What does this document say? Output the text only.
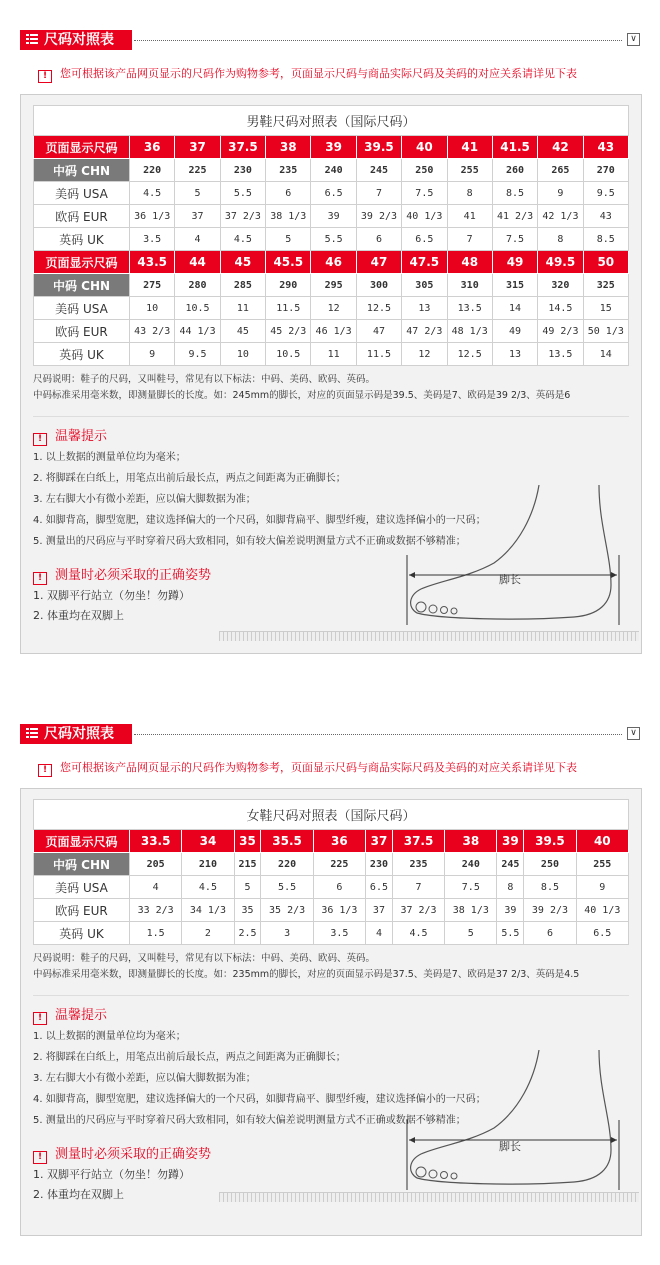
尺码对照表	∨
! 您可根据该产品网页显示的尺码作为购物参考，页面显示尺码与商品实际尺码及美码的对应关系请详见下表
男鞋尺码对照表（国际尺码）											
页面显示尺码	36	37	37.5	38	39	39.5	40	41	41.5	42	43
中码 CHN	220	225	230	235	240	245	250	255	260	265	270
美码 USA	4.5	5	5.5	6	6.5	7	7.5	8	8.5	9	9.5
欧码 EUR	36 1/3	37	37 2/3	38 1/3	39	39 2/3	40 1/3	41	41 2/3	42 1/3	43
英码 UK	3.5	4	4.5	5	5.5	6	6.5	7	7.5	8	8.5
页面显示尺码	43.5	44	45	45.5	46	47	47.5	48	49	49.5	50
中码 CHN	275	280	285	290	295	300	305	310	315	320	325
美码 USA	10	10.5	11	11.5	12	12.5	13	13.5	14	14.5	15
欧码 EUR	43 2/3	44 1/3	45	45 2/3	46 1/3	47	47 2/3	48 1/3	49	49 2/3	50 1/3
英码 UK	9	9.5	10	10.5	11	11.5	12	12.5	13	13.5	14
尺码说明：鞋子的尺码，又叫鞋号，常见有以下标法：中码、美码、欧码、英码。
中码标准采用毫米数，即测量脚长的长度。如：245mm的脚长，对应的页面显示码是39.5、美码是7、欧码是39 2/3、英码是6
! 温馨提示
1. 以上数据的测量单位均为毫米；
2. 将脚踩在白纸上，用笔点出前后最长点，两点之间距离为正确脚长；
3. 左右脚大小有微小差距，应以偏大脚数据为准；
4. 如脚背高，脚型宽肥，建议选择偏大的一个尺码，如脚背扁平、脚型纤瘦，建议选择偏小的一尺码；
5. 测量出的尺码应与平时穿着尺码大致相同，如有较大偏差说明测量方式不正确或数据不够精准；
! 测量时必须采取的正确姿势
1. 双脚平行站立（勿坐！勿蹲）
2. 体重均在双脚上
脚长
尺码对照表	∨
! 您可根据该产品网页显示的尺码作为购物参考，页面显示尺码与商品实际尺码及美码的对应关系请详见下表
女鞋尺码对照表（国际尺码）											
页面显示尺码	33.5	34	35	35.5	36	37	37.5	38	39	39.5	40
中码 CHN	205	210	215	220	225	230	235	240	245	250	255
美码 USA	4	4.5	5	5.5	6	6.5	7	7.5	8	8.5	9
欧码 EUR	33 2/3	34 1/3	35	35 2/3	36 1/3	37	37 2/3	38 1/3	39	39 2/3	40 1/3
英码 UK	1.5	2	2.5	3	3.5	4	4.5	5	5.5	6	6.5
尺码说明：鞋子的尺码，又叫鞋号，常见有以下标法：中码、美码、欧码、英码。
中码标准采用毫米数，即测量脚长的长度。如：235mm的脚长，对应的页面显示码是37.5、美码是7、欧码是37 2/3、英码是4.5
! 温馨提示
1. 以上数据的测量单位均为毫米；
2. 将脚踩在白纸上，用笔点出前后最长点，两点之间距离为正确脚长；
3. 左右脚大小有微小差距，应以偏大脚数据为准；
4. 如脚背高，脚型宽肥，建议选择偏大的一个尺码，如脚背扁平、脚型纤瘦，建议选择偏小的一尺码；
5. 测量出的尺码应与平时穿着尺码大致相同，如有较大偏差说明测量方式不正确或数据不够精准；
! 测量时必须采取的正确姿势
1. 双脚平行站立（勿坐！勿蹲）
2. 体重均在双脚上
脚长
